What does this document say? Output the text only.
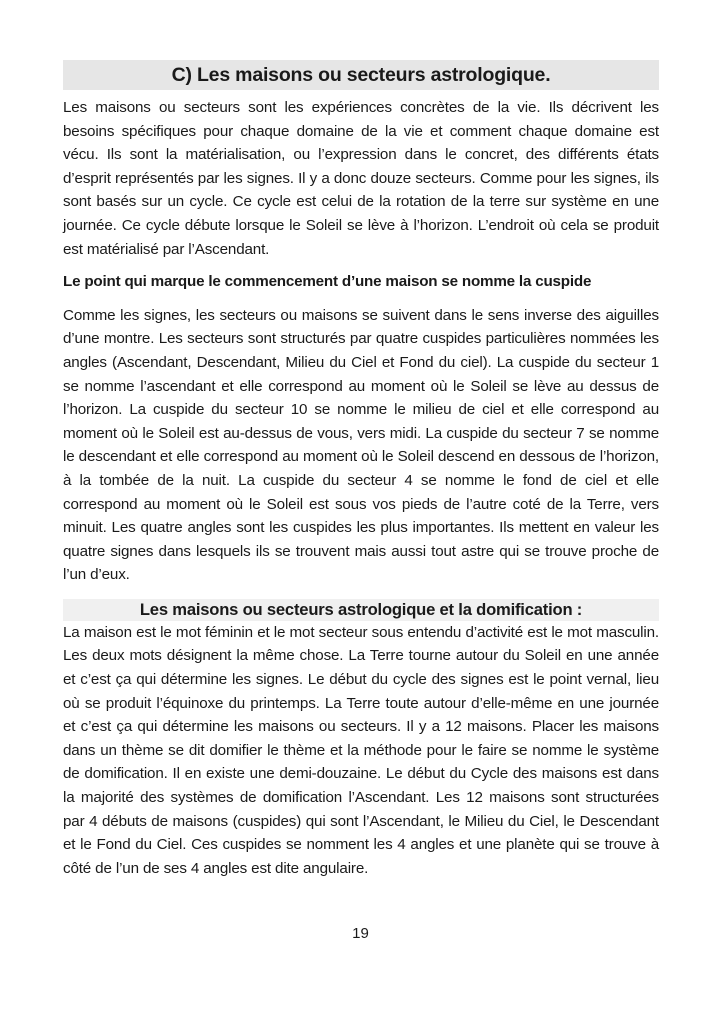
C) Les maisons ou secteurs astrologique.

Les maisons ou secteurs sont les expériences concrètes de la vie. Ils décrivent les besoins spécifiques pour chaque domaine de la vie et comment chaque domaine est vécu. Ils sont la matérialisation, ou l’expression dans le concret, des différents états d’esprit représentés par les signes. Il y a donc douze secteurs. Comme pour les signes, ils sont basés sur un cycle. Ce cycle est celui de la rotation de la terre sur système en une journée. Ce cycle débute lorsque le Soleil se lève à l’horizon. L’endroit où cela se produit est matérialisé par l’Ascendant.

Le point qui marque le commencement d’une maison se nomme la cuspide

Comme les signes, les secteurs ou maisons se suivent dans le sens inverse des aiguilles d’une montre. Les secteurs sont structurés par quatre cuspides particulières nommées les angles (Ascendant, Descendant, Milieu du Ciel et Fond du ciel). La cuspide du secteur 1 se nomme l’ascendant et elle correspond au moment où le Soleil se lève au dessus de l’horizon. La cuspide du secteur 10 se nomme le milieu de ciel et elle correspond au moment où le Soleil est au-dessus de vous, vers midi. La cuspide du secteur 7 se nomme le descendant et elle correspond au moment où le Soleil descend en dessous de l’horizon, à la tombée de la nuit. La cuspide du secteur 4 se nomme le fond de ciel et elle correspond au moment où le Soleil est sous vos pieds de l’autre coté de la Terre, vers minuit. Les quatre angles sont les cuspides les plus importantes. Ils mettent en valeur les quatre signes dans lesquels ils se trouvent mais aussi tout astre qui se trouve proche de l’un d’eux.

Les maisons ou secteurs astrologique et la domification :

La maison est le mot féminin et le mot secteur sous entendu d’activité est le mot masculin. Les deux mots désignent la même chose. La Terre tourne autour du Soleil en une année et c’est ça qui détermine les signes. Le début du cycle des signes est le point vernal, lieu où se produit l’équinoxe du printemps. La Terre toute autour d’elle-même en une journée et c’est ça qui détermine les maisons ou secteurs. Il y a 12 maisons. Placer les maisons dans un thème se dit domifier le thème et la méthode pour le faire se nomme le système de domification. Il en existe une demi-douzaine. Le début du Cycle des maisons est dans la majorité des systèmes de domification l’Ascendant. Les 12 maisons sont structurées par 4 débuts de maisons (cuspides) qui sont l’Ascendant, le Milieu du Ciel, le Descendant et le Fond du Ciel. Ces cuspides se nomment les 4 angles et une planète qui se trouve à côté de l’un de ses 4 angles est dite angulaire.

19
